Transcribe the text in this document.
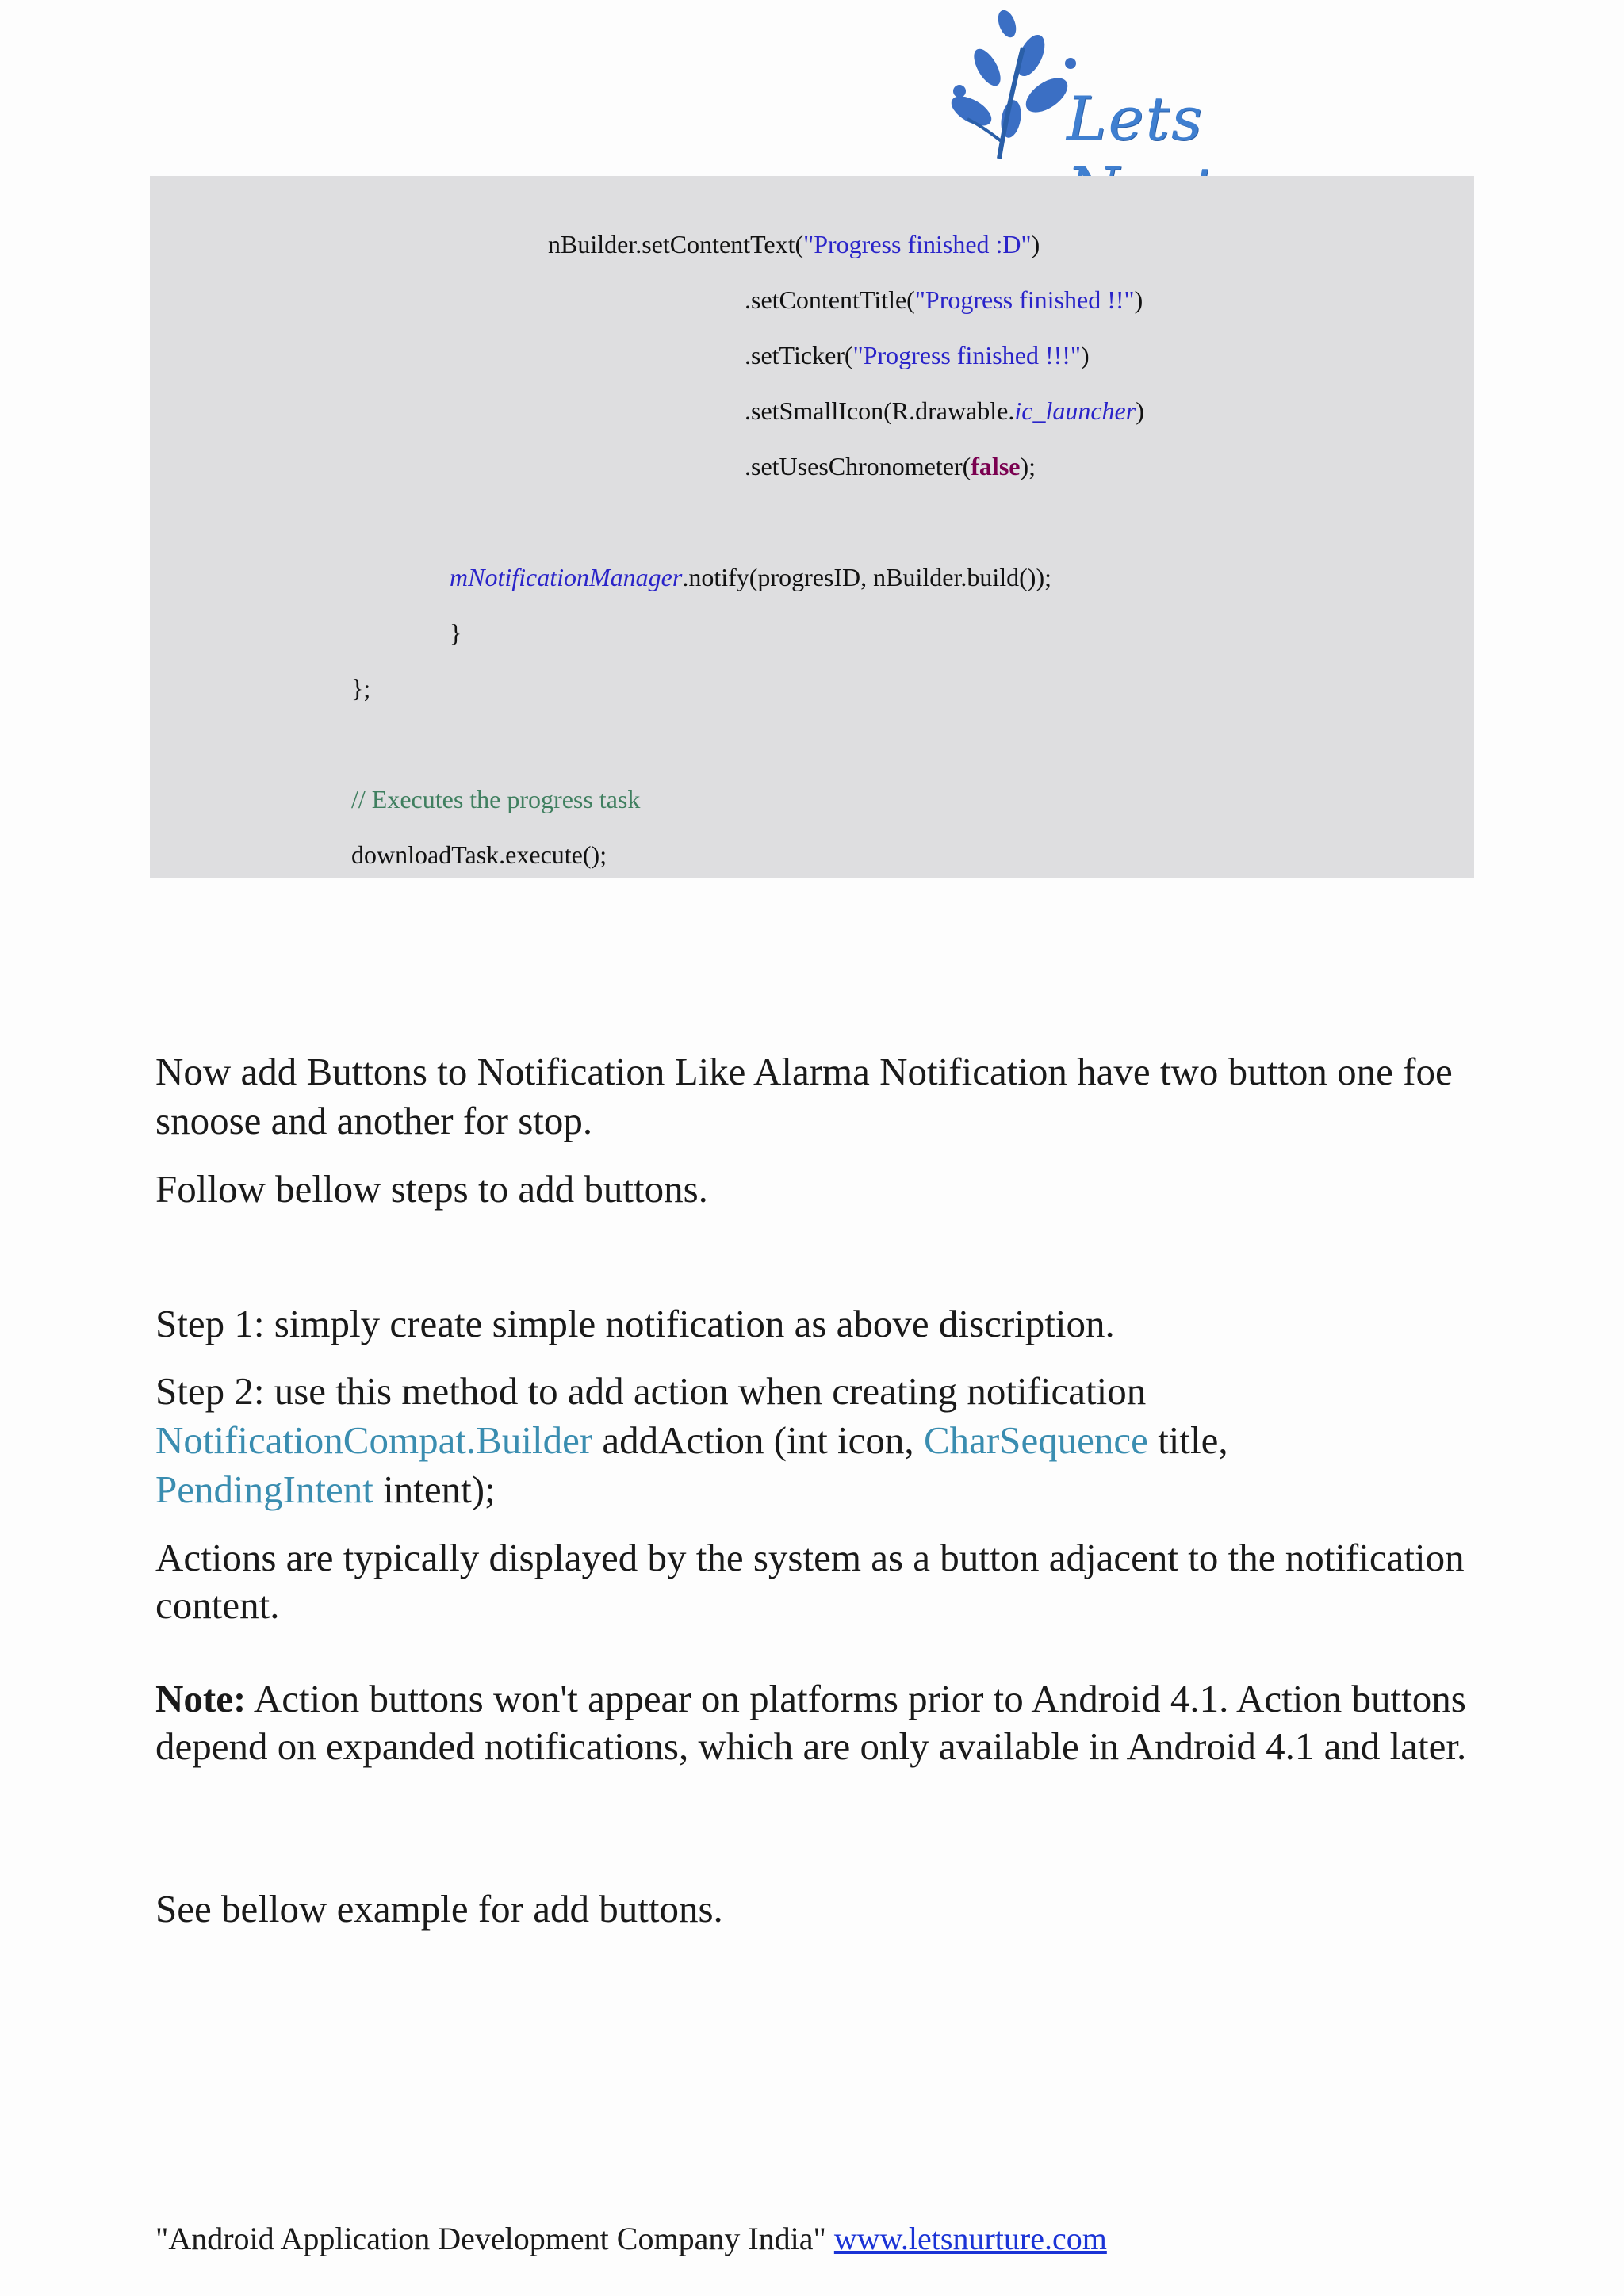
Lets
nBuilder.setContentText("Progress finished :D")
.setContentTitle("Progress finished !!")
.setTicker("Progress finished !!!")
.setSmallIcon(R.drawable.ic_launcher)
.setUsesChronometer(false);
mNotificationManager.notify(progresID, nBuilder.build());
}
};
// Executes the progress task
downloadTask.execute();
Now add Buttons to Notification Like Alarma Notification have two button one foe snoose and another for stop.
Follow bellow steps to add buttons.
Step 1: simply create simple notification as above discription.
Step 2: use this method to add action when creating notification
NotificationCompat.Builder addAction (int icon, CharSequence title,
PendingIntent intent);
Actions are typically displayed by the system as a button adjacent to the notification content.
Note: Action buttons won't appear on platforms prior to Android 4.1. Action buttons depend on expanded notifications, which are only available in Android 4.1 and later.
See bellow example for add buttons.
"Android Application Development Company India" www.letsnurture.com
